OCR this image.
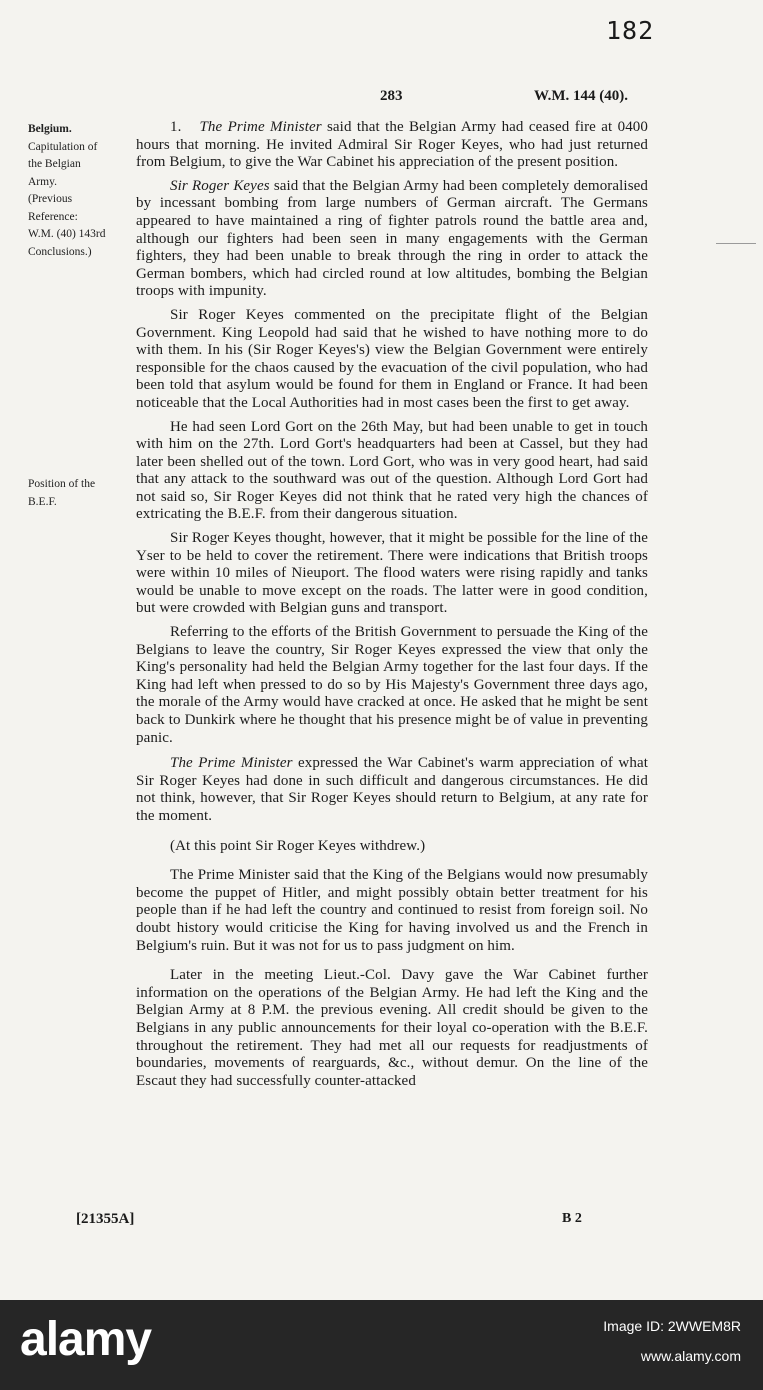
182
283	W.M. 144 (40).
Belgium.
Capitulation of
the Belgian
Army.
(Previous
Reference:
W.M. (40) 143rd
Conclusions.)
Position of the
B.E.F.

1. The Prime Minister said that the Belgian Army had ceased fire at 0400 hours that morning. He invited Admiral Sir Roger Keyes, who had just returned from Belgium, to give the War Cabinet his appreciation of the present position.

Sir Roger Keyes said that the Belgian Army had been completely demoralised by incessant bombing from large numbers of German aircraft. The Germans appeared to have maintained a ring of fighter patrols round the battle area and, although our fighters had been seen in many engagements with the German fighters, they had been unable to break through the ring in order to attack the German bombers, which had circled round at low altitudes, bombing the Belgian troops with impunity.

Sir Roger Keyes commented on the precipitate flight of the Belgian Government. King Leopold had said that he wished to have nothing more to do with them. In his (Sir Roger Keyes's) view the Belgian Government were entirely responsible for the chaos caused by the evacuation of the civil population, who had been told that asylum would be found for them in England or France. It had been noticeable that the Local Authorities had in most cases been the first to get away.

He had seen Lord Gort on the 26th May, but had been unable to get in touch with him on the 27th. Lord Gort's headquarters had been at Cassel, but they had later been shelled out of the town. Lord Gort, who was in very good heart, had said that any attack to the southward was out of the question. Although Lord Gort had not said so, Sir Roger Keyes did not think that he rated very high the chances of extricating the B.E.F. from their dangerous situation.

Sir Roger Keyes thought, however, that it might be possible for the line of the Yser to be held to cover the retirement. There were indications that British troops were within 10 miles of Nieuport. The flood waters were rising rapidly and tanks would be unable to move except on the roads. The latter were in good condition, but were crowded with Belgian guns and transport.

Referring to the efforts of the British Government to persuade the King of the Belgians to leave the country, Sir Roger Keyes expressed the view that only the King's personality had held the Belgian Army together for the last four days. If the King had left when pressed to do so by His Majesty's Government three days ago, the morale of the Army would have cracked at once. He asked that he might be sent back to Dunkirk where he thought that his presence might be of value in preventing panic.

The Prime Minister expressed the War Cabinet's warm appreciation of what Sir Roger Keyes had done in such difficult and dangerous circumstances. He did not think, however, that Sir Roger Keyes should return to Belgium, at any rate for the moment.

(At this point Sir Roger Keyes withdrew.)

The Prime Minister said that the King of the Belgians would now presumably become the puppet of Hitler, and might possibly obtain better treatment for his people than if he had left the country and continued to resist from foreign soil. No doubt history would criticise the King for having involved us and the French in Belgium's ruin. But it was not for us to pass judgment on him.

Later in the meeting Lieut.-Col. Davy gave the War Cabinet further information on the operations of the Belgian Army. He had left the King and the Belgian Army at 8 P.M. the previous evening. All credit should be given to the Belgians in any public announcements for their loyal co-operation with the B.E.F. throughout the retirement. They had met all our requests for readjustments of boundaries, movements of rearguards, &c., without demur. On the line of the Escaut they had successfully counter-attacked

[21355A]	B 2
alamy	Image ID: 2WWEM8R
www.alamy.com
